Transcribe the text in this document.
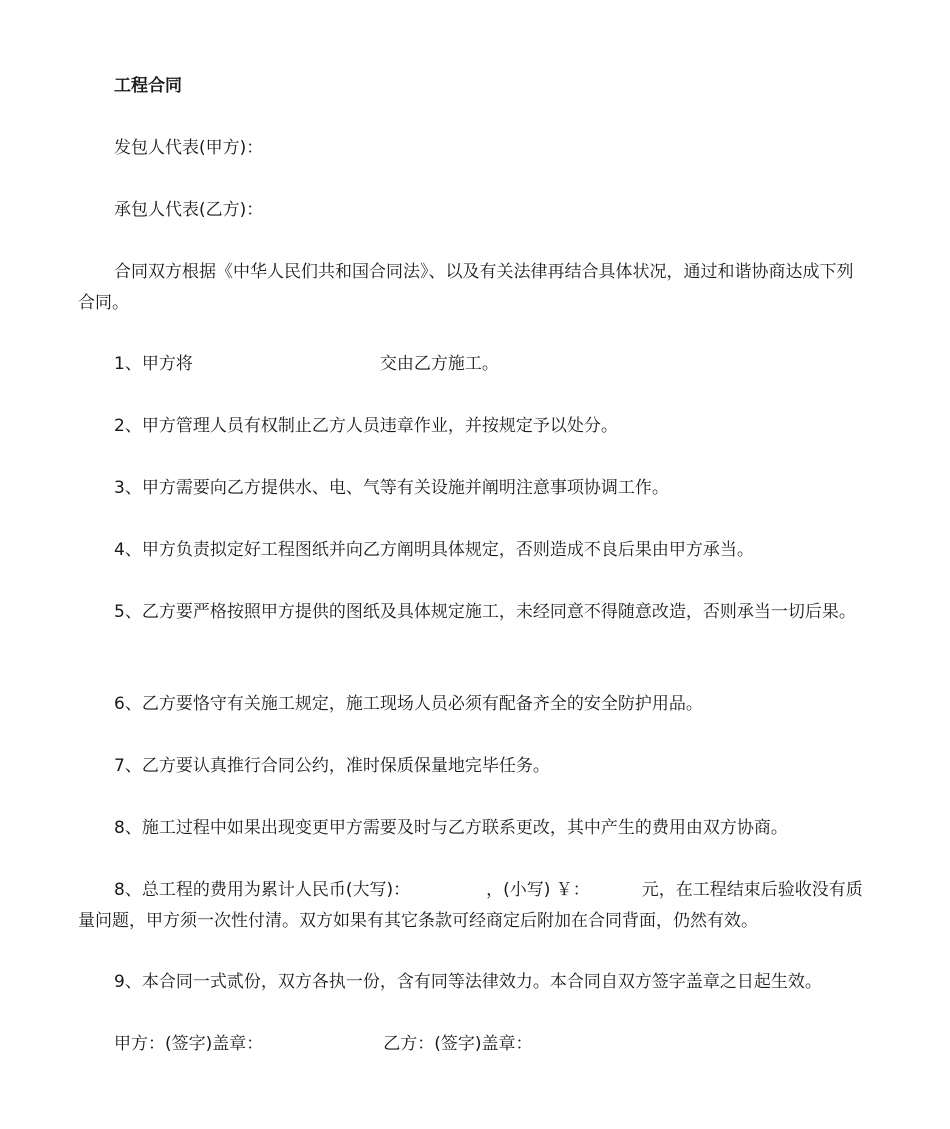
工程合同
发包人代表(甲方)：
承包人代表(乙方)：
合同双方根据《中华人民们共和国合同法》、以及有关法律再结合具体状况，通过和谐协商达成下列合同。
1、甲方将	交由乙方施工。
2、甲方管理人员有权制止乙方人员违章作业，并按规定予以处分。
3、甲方需要向乙方提供水、电、气等有关设施并阐明注意事项协调工作。
4、甲方负责拟定好工程图纸并向乙方阐明具体规定，否则造成不良后果由甲方承当。
5、乙方要严格按照甲方提供的图纸及具体规定施工，未经同意不得随意改造，否则承当一切后果。
6、乙方要恪守有关施工规定，施工现场人员必须有配备齐全的安全防护用品。
7、乙方要认真推行合同公约，准时保质保量地完毕任务。
8、施工过程中如果出现变更甲方需要及时与乙方联系更改，其中产生的费用由双方协商。
8、总工程的费用为累计人民币(大写)：	，(小写) ￥：	元，在工程结束后验收没有质量问题，甲方须一次性付清。双方如果有其它条款可经商定后附加在合同背面，仍然有效。
9、本合同一式贰份，双方各执一份，含有同等法律效力。本合同自双方签字盖章之日起生效。
甲方：(签字)盖章：	乙方：(签字)盖章：
